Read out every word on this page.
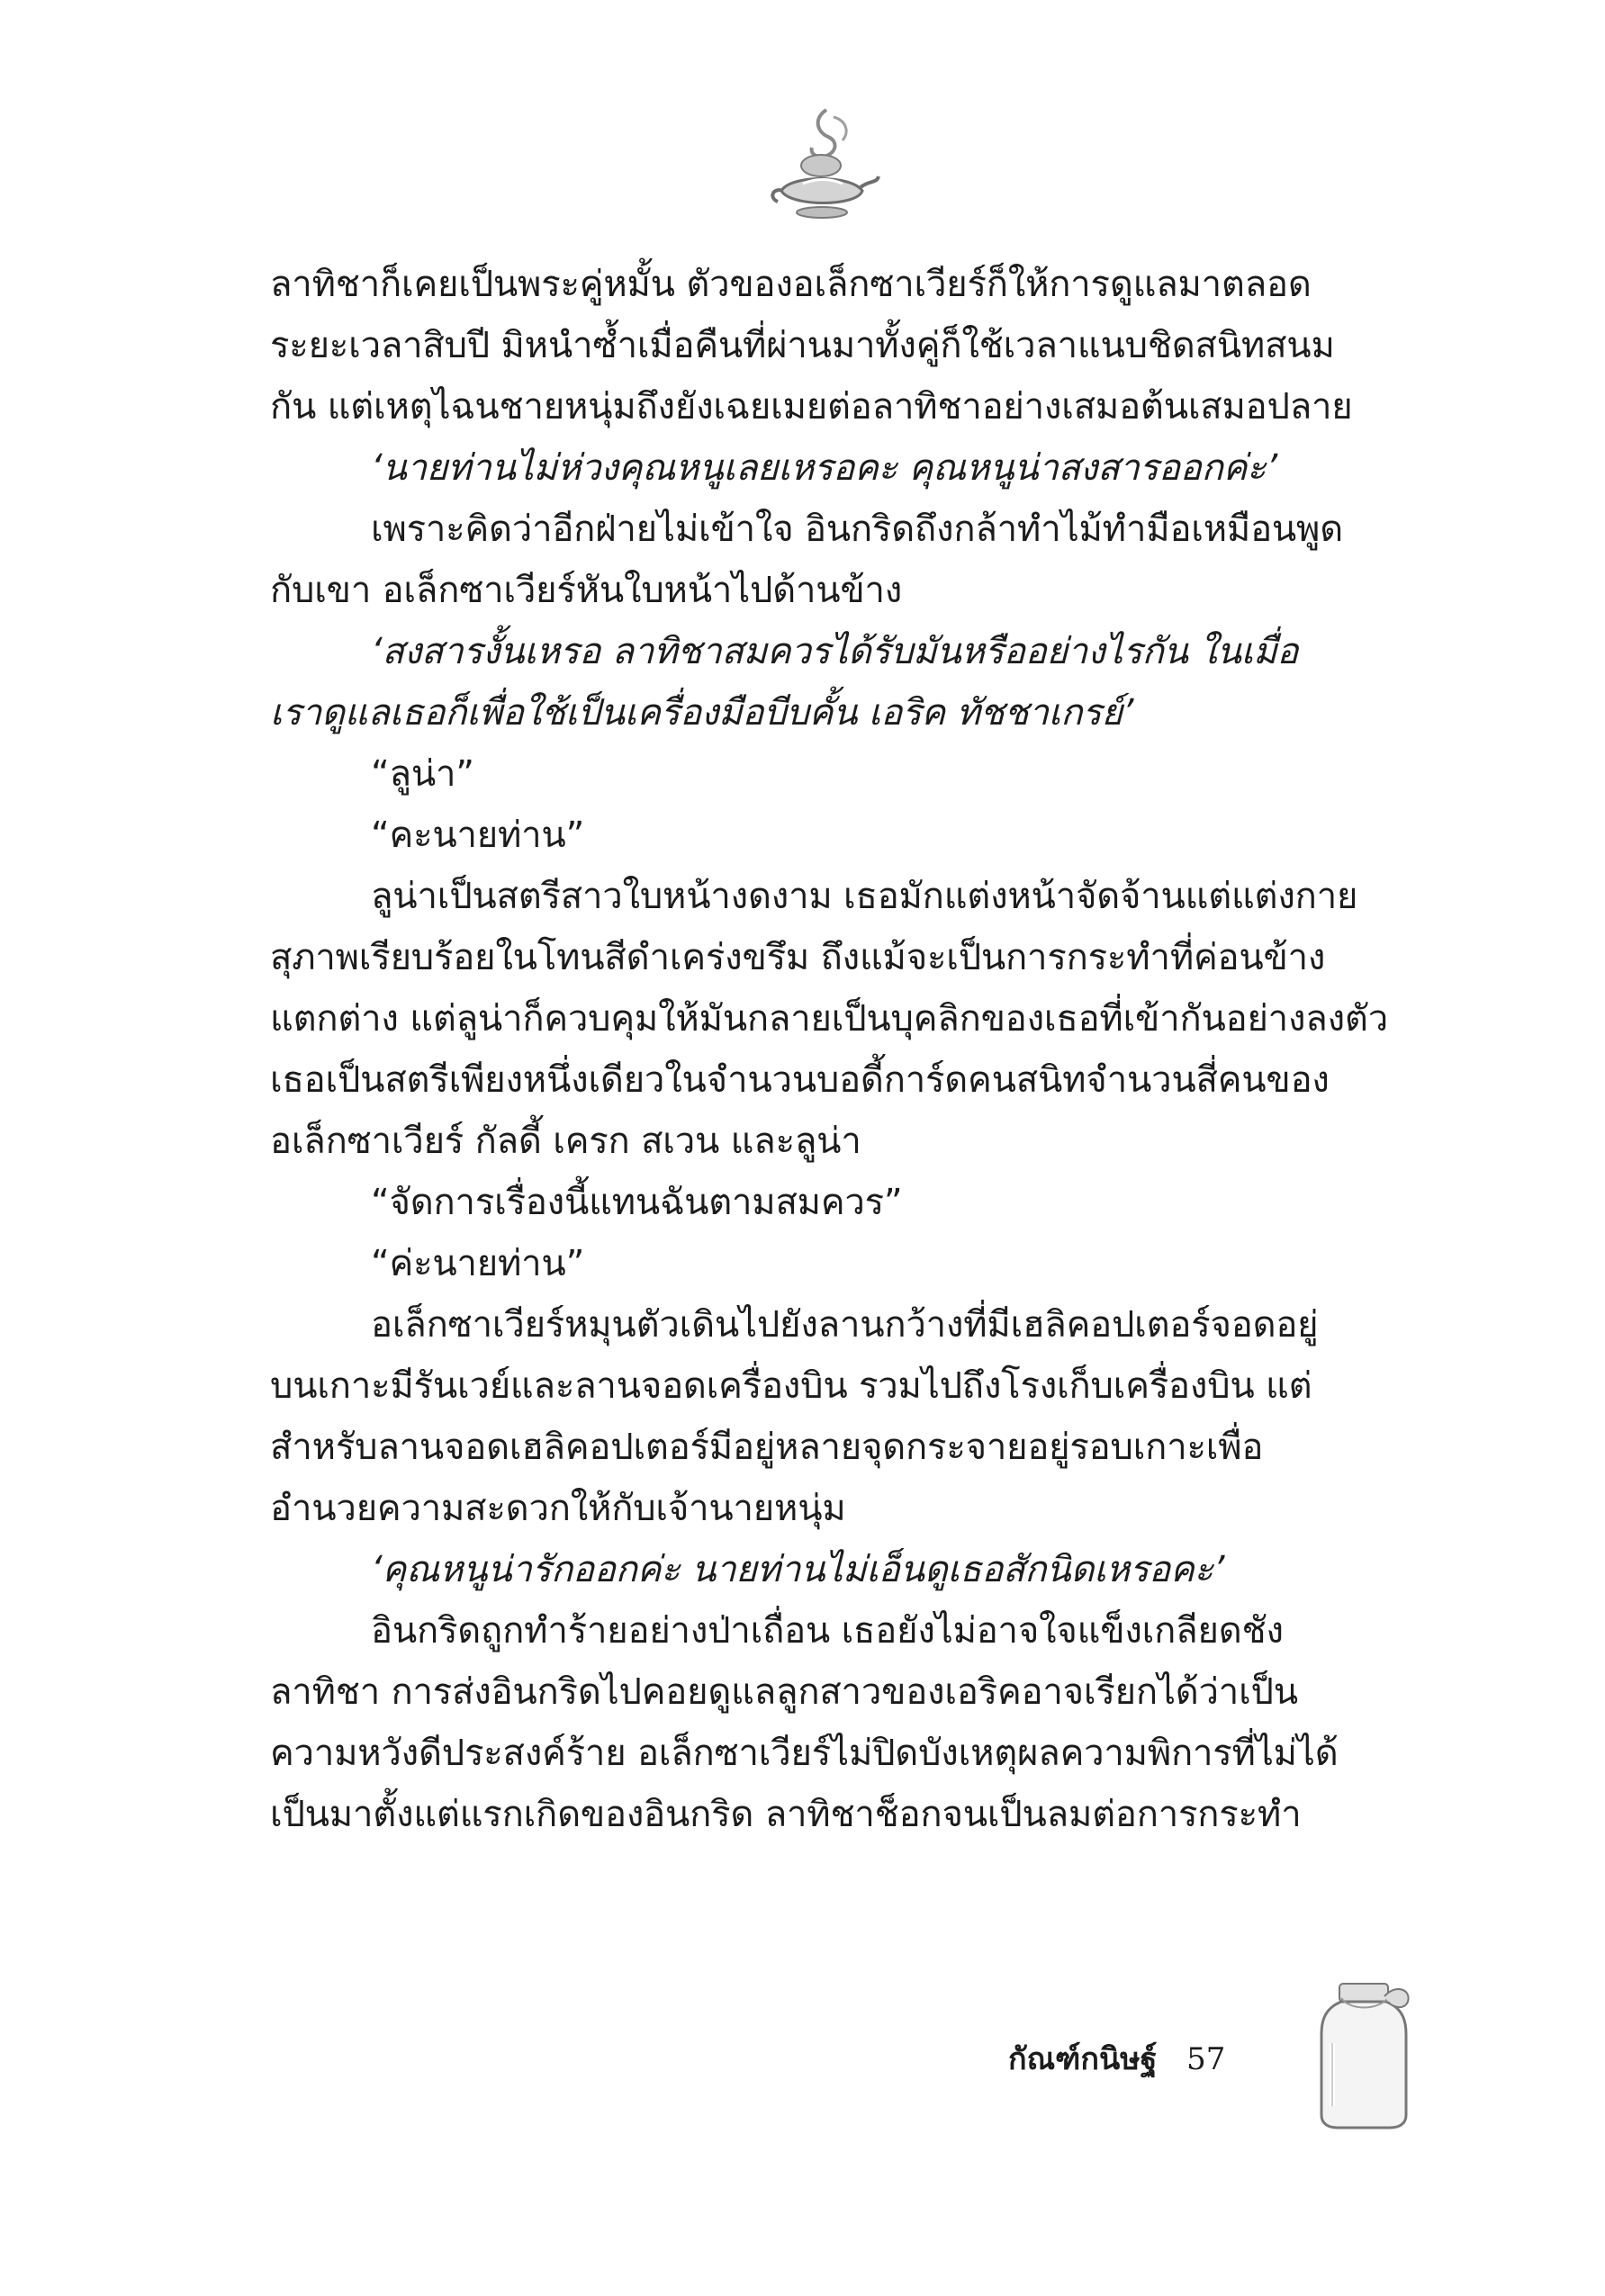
ลาทิชาก็เคยเป็นพระคู่หมั้น ตัวของอเล็กซาเวียร์ก็ให้การดูแลมาตลอด
ระยะเวลาสิบปี มิหนำซ้ำเมื่อคืนที่ผ่านมาทั้งคู่ก็ใช้เวลาแนบชิดสนิทสนม
กัน แต่เหตุไฉนชายหนุ่มถึงยังเฉยเมยต่อลาทิชาอย่างเสมอต้นเสมอปลาย
‘นายท่านไม่ห่วงคุณหนูเลยเหรอคะ คุณหนูน่าสงสารออกค่ะ’
เพราะคิดว่าอีกฝ่ายไม่เข้าใจ อินกริดถึงกล้าทำไม้ทำมือเหมือนพูด
กับเขา อเล็กซาเวียร์หันใบหน้าไปด้านข้าง
‘สงสารงั้นเหรอ ลาทิชาสมควรได้รับมันหรืออย่างไรกัน ในเมื่อ
เราดูแลเธอก็เพื่อใช้เป็นเครื่องมือบีบคั้น เอริค ทัชชาเกรย์’
“ลูน่า”
“คะนายท่าน”
ลูน่าเป็นสตรีสาวใบหน้างดงาม เธอมักแต่งหน้าจัดจ้านแต่แต่งกาย
สุภาพเรียบร้อยในโทนสีดำเคร่งขรึม ถึงแม้จะเป็นการกระทำที่ค่อนข้าง
แตกต่าง แต่ลูน่าก็ควบคุมให้มันกลายเป็นบุคลิกของเธอที่เข้ากันอย่างลงตัว
เธอเป็นสตรีเพียงหนึ่งเดียวในจำนวนบอดี้การ์ดคนสนิทจำนวนสี่คนของ
อเล็กซาเวียร์ กัลดี้ เครก สเวน และลูน่า
“จัดการเรื่องนี้แทนฉันตามสมควร”
“ค่ะนายท่าน”
อเล็กซาเวียร์หมุนตัวเดินไปยังลานกว้างที่มีเฮลิคอปเตอร์จอดอยู่
บนเกาะมีรันเวย์และลานจอดเครื่องบิน รวมไปถึงโรงเก็บเครื่องบิน แต่
สำหรับลานจอดเฮลิคอปเตอร์มีอยู่หลายจุดกระจายอยู่รอบเกาะเพื่อ
อำนวยความสะดวกให้กับเจ้านายหนุ่ม
‘คุณหนูน่ารักออกค่ะ นายท่านไม่เอ็นดูเธอสักนิดเหรอคะ’
อินกริดถูกทำร้ายอย่างป่าเถื่อน เธอยังไม่อาจใจแข็งเกลียดชัง
ลาทิชา การส่งอินกริดไปคอยดูแลลูกสาวของเอริคอาจเรียกได้ว่าเป็น
ความหวังดีประสงค์ร้าย อเล็กซาเวียร์ไม่ปิดบังเหตุผลความพิการที่ไม่ได้
เป็นมาตั้งแต่แรกเกิดของอินกริด ลาทิชาช็อกจนเป็นลมต่อการกระทำ
กัณฑ์กนิษฐ์ 57
